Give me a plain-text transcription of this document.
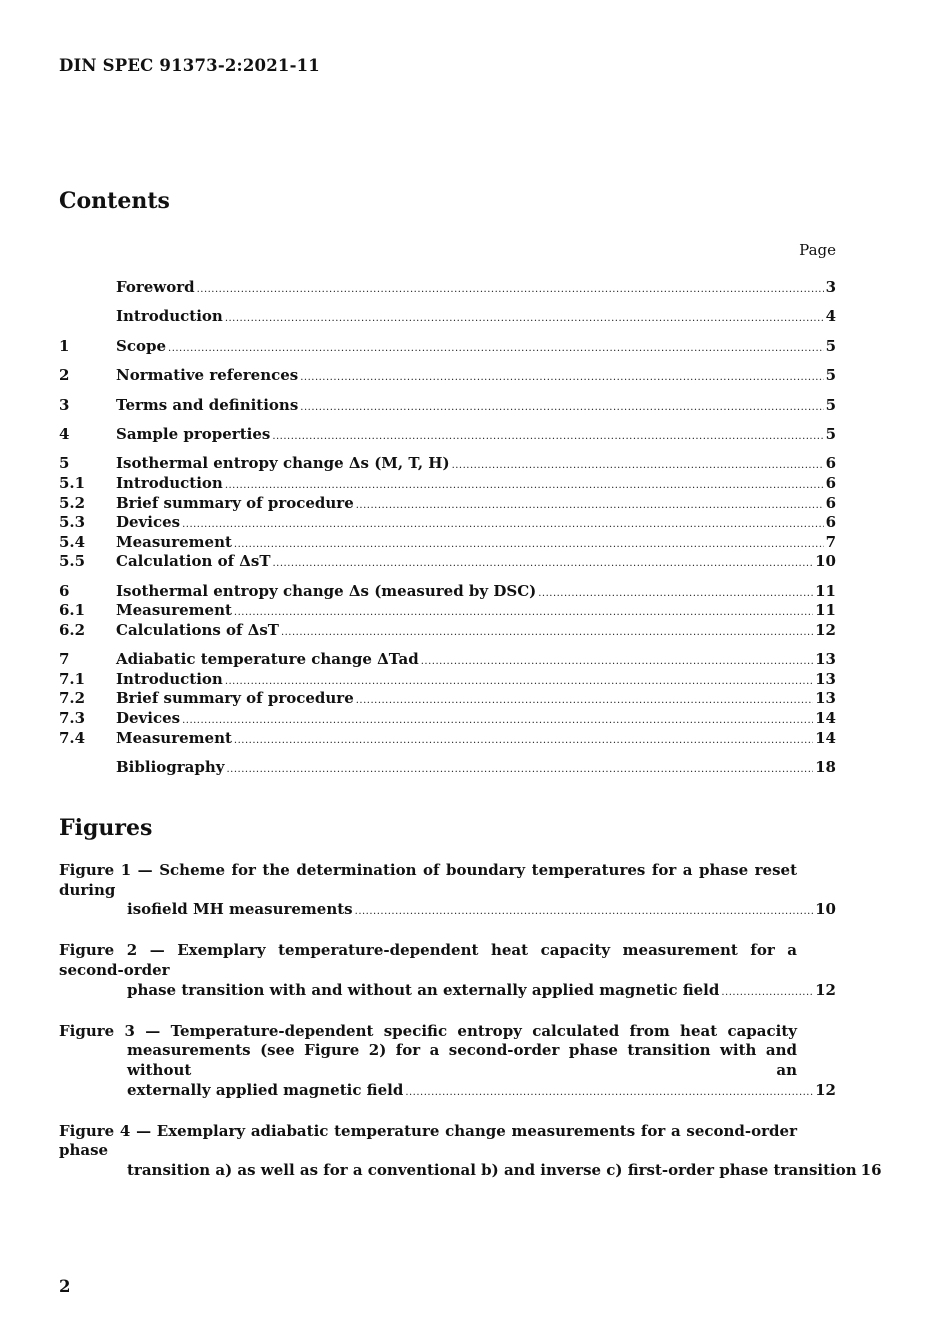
DIN SPEC 91373-2:2021-11
Contents
Page
Foreword .....	3
Introduction .....	4
1	Scope .....	5
2	Normative references .....	5
3	Terms and definitions .....	5
4	Sample properties .....	5
5	Isothermal entropy change Δs (M, T, H) .....	6
5.1	Introduction .....	6
5.2	Brief summary of procedure .....	6
5.3	Devices .....	6
5.4	Measurement .....	7
5.5	Calculation of ΔsT .....	10
6	Isothermal entropy change Δs (measured by DSC) .....	11
6.1	Measurement .....	11
6.2	Calculations of ΔsT .....	12
7	Adiabatic temperature change ΔTad .....	13
7.1	Introduction .....	13
7.2	Brief summary of procedure .....	13
7.3	Devices .....	14
7.4	Measurement .....	14
Bibliography .....	18
Figures
Figure 1 — Scheme for the determination of boundary temperatures for a phase reset during
isofield MH measurements .....	10
Figure 2 — Exemplary temperature-dependent heat capacity measurement for a second-order
phase transition with and without an externally applied magnetic field .....	12
Figure 3 — Temperature-dependent specific entropy calculated from heat capacity
measurements (see Figure 2) for a second-order phase transition with and without an
externally applied magnetic field .....	12
Figure 4 — Exemplary adiabatic temperature change measurements for a second-order phase
transition a) as well as for a conventional b) and inverse c) first-order phase transition 16
2
